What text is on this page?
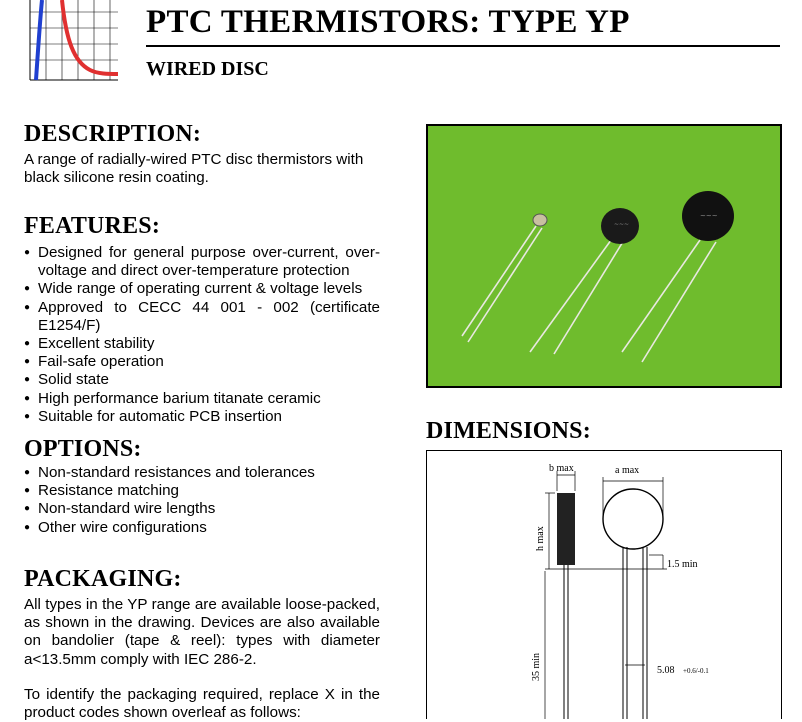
PTC THERMISTORS: TYPE YP
WIRED DISC
DESCRIPTION:

A range of radially-wired PTC disc thermistors with black silicone resin coating.

FEATURES:
● Designed for general purpose over-current, over-voltage and direct over-temperature protection
● Wide range of operating current & voltage levels
● Approved to CECC 44 001 - 002 (certificate E1254/F)
● Excellent stability
● Fail-safe operation
● Solid state
● High performance barium titanate ceramic
● Suitable for automatic PCB insertion
OPTIONS:
● Non-standard resistances and tolerances
● Resistance matching
● Non-standard wire lengths
● Other wire configurations
PACKAGING:

All types in the YP range are available loose-packed, as shown in the drawing. Devices are also available on bandolier (tape & reel): types with diameter a<13.5mm comply with IEC 286-2.

To identify the packaging required, replace X in the product codes shown overleaf as follows:

~~~
~~~
DIMENSIONS:
b max
h max
35 min
a max
1.5 min
5.08 +0.6/-0.1
